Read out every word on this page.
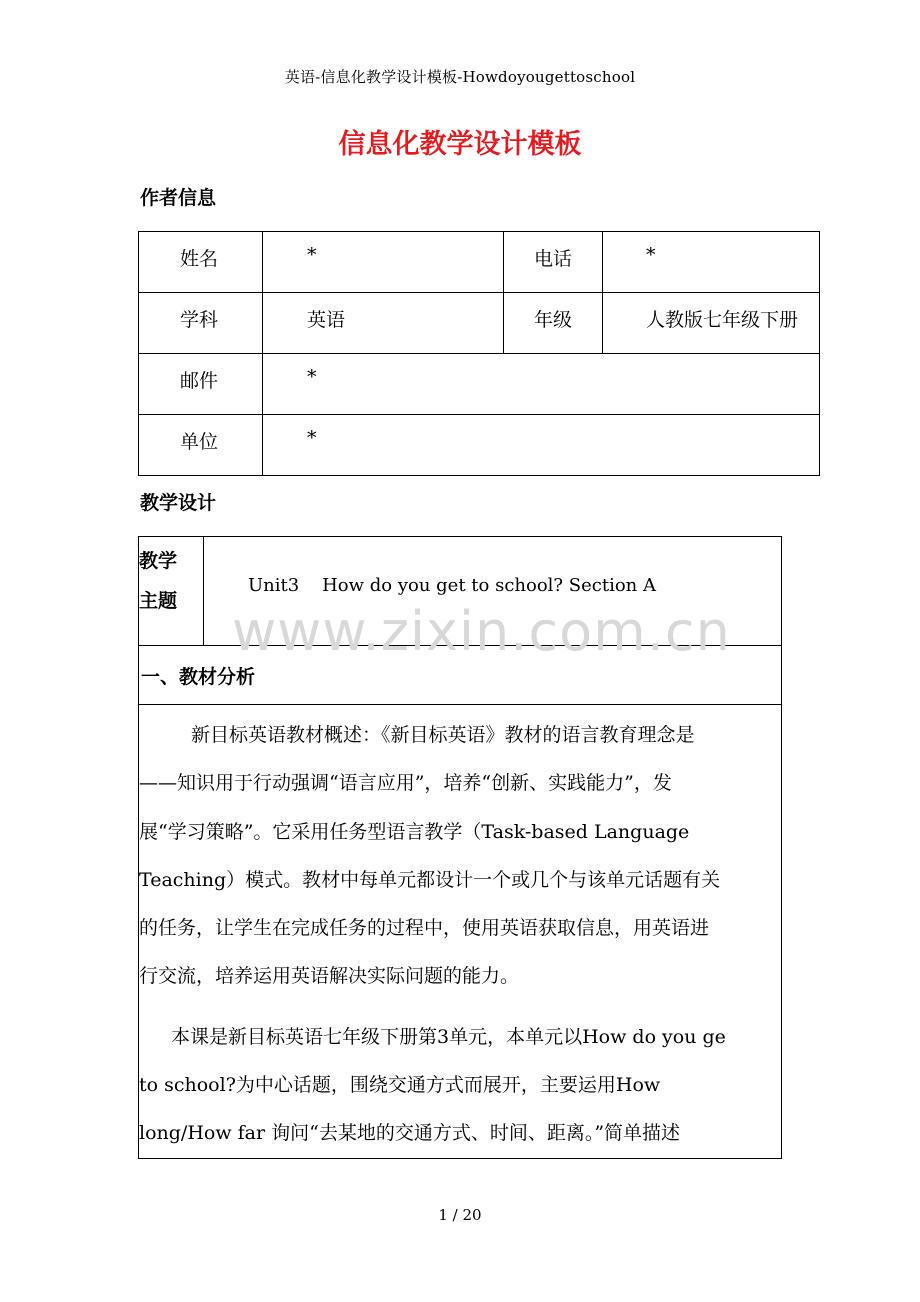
英语-信息化教学设计模板-Howdoyougettoschool
信息化教学设计模板
作者信息
姓名	*	电话	*

学科	英语	年级	人教版七年级下册

邮件	*		

单位	*		
教学设计
教学
主题
	Unit3    How do you get to school? Section A
一、教材分析

新目标英语教材概述：《新目标英语》教材的语言教育理念是

——知识用于行动强调“语言应用”，培养“创新、实践能力”，发

展“学习策略”。它采用任务型语言教学（Task-based Language

Teaching）模式。教材中每单元都设计一个或几个与该单元话题有关

的任务，让学生在完成任务的过程中，使用英语获取信息，用英语进

行交流，培养运用英语解决实际问题的能力。

本课是新目标英语七年级下册第3单元，本单元以How do you ge

to school?为中心话题，围绕交通方式而展开，主要运用How

long/How far 询问“去某地的交通方式、时间、距离。”简单描述

www.zixin.com.cn
1 / 20
